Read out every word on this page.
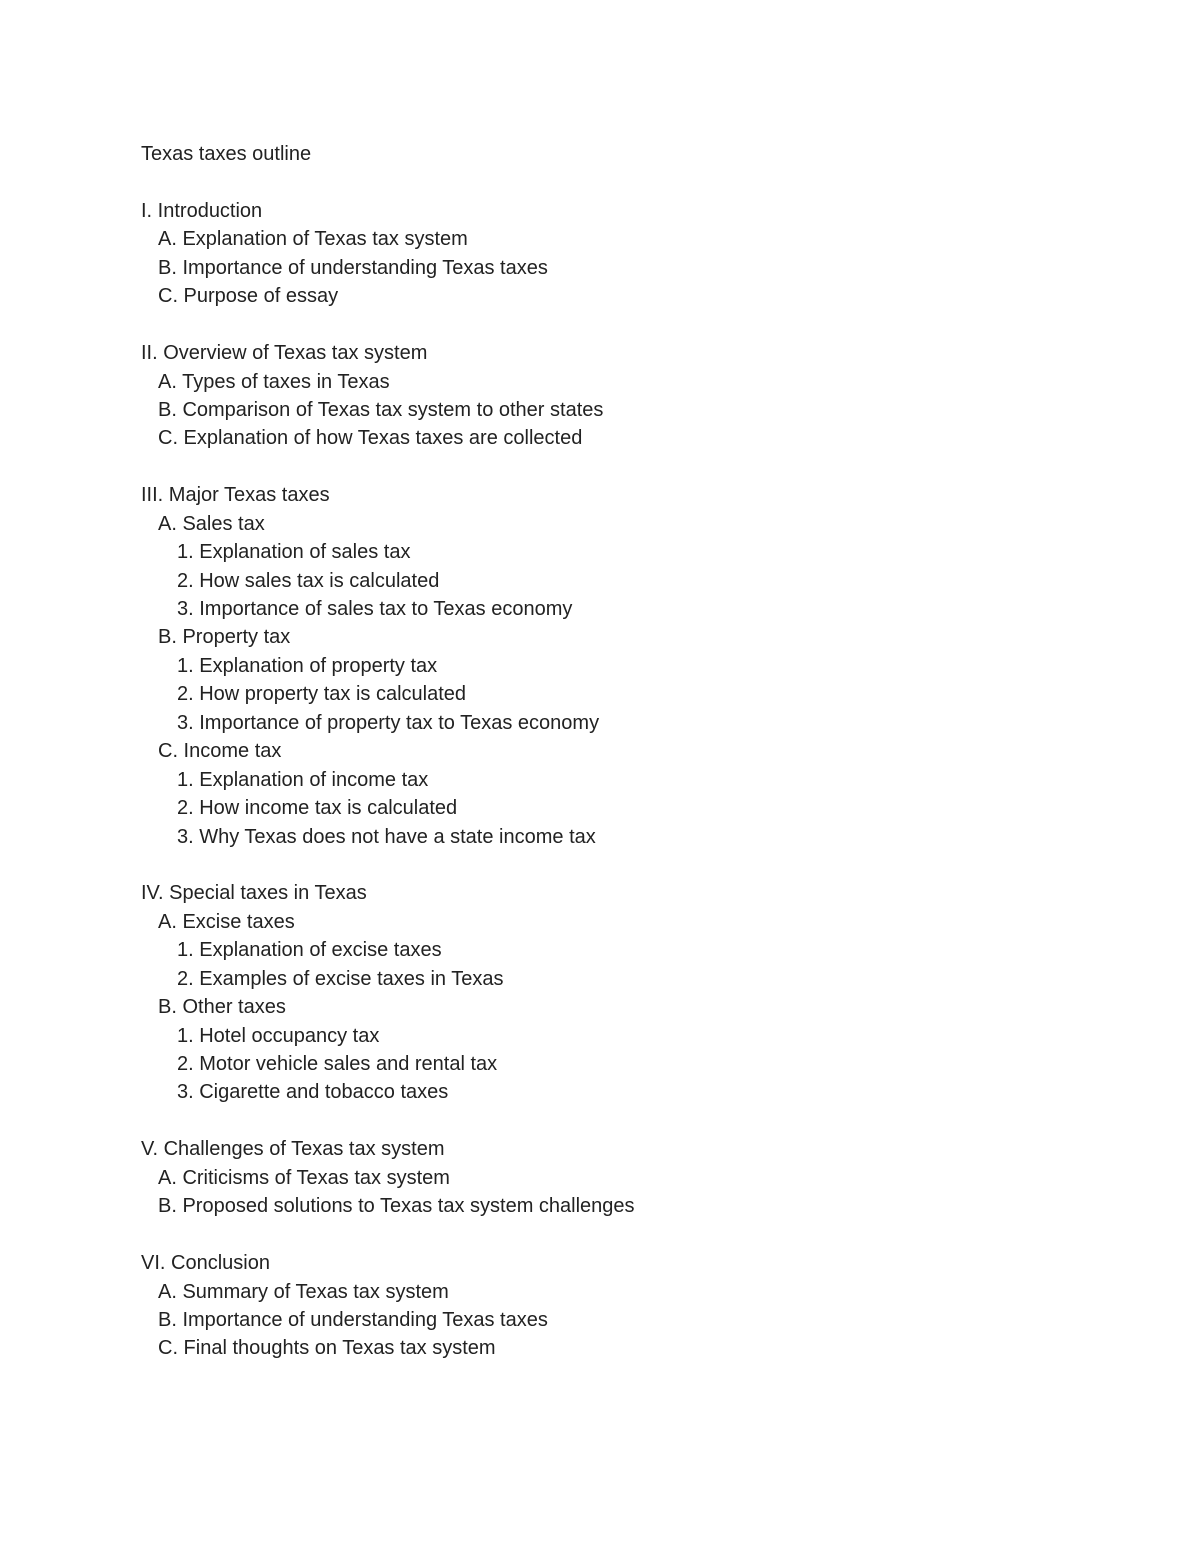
Texas taxes outline
I. Introduction
A. Explanation of Texas tax system
B. Importance of understanding Texas taxes
C. Purpose of essay
II. Overview of Texas tax system
A. Types of taxes in Texas
B. Comparison of Texas tax system to other states
C. Explanation of how Texas taxes are collected
III. Major Texas taxes
A. Sales tax
1. Explanation of sales tax
2. How sales tax is calculated
3. Importance of sales tax to Texas economy
B. Property tax
1. Explanation of property tax
2. How property tax is calculated
3. Importance of property tax to Texas economy
C. Income tax
1. Explanation of income tax
2. How income tax is calculated
3. Why Texas does not have a state income tax
IV. Special taxes in Texas
A. Excise taxes
1. Explanation of excise taxes
2. Examples of excise taxes in Texas
B. Other taxes
1. Hotel occupancy tax
2. Motor vehicle sales and rental tax
3. Cigarette and tobacco taxes
V. Challenges of Texas tax system
A. Criticisms of Texas tax system
B. Proposed solutions to Texas tax system challenges
VI. Conclusion
A. Summary of Texas tax system
B. Importance of understanding Texas taxes
C. Final thoughts on Texas tax system
